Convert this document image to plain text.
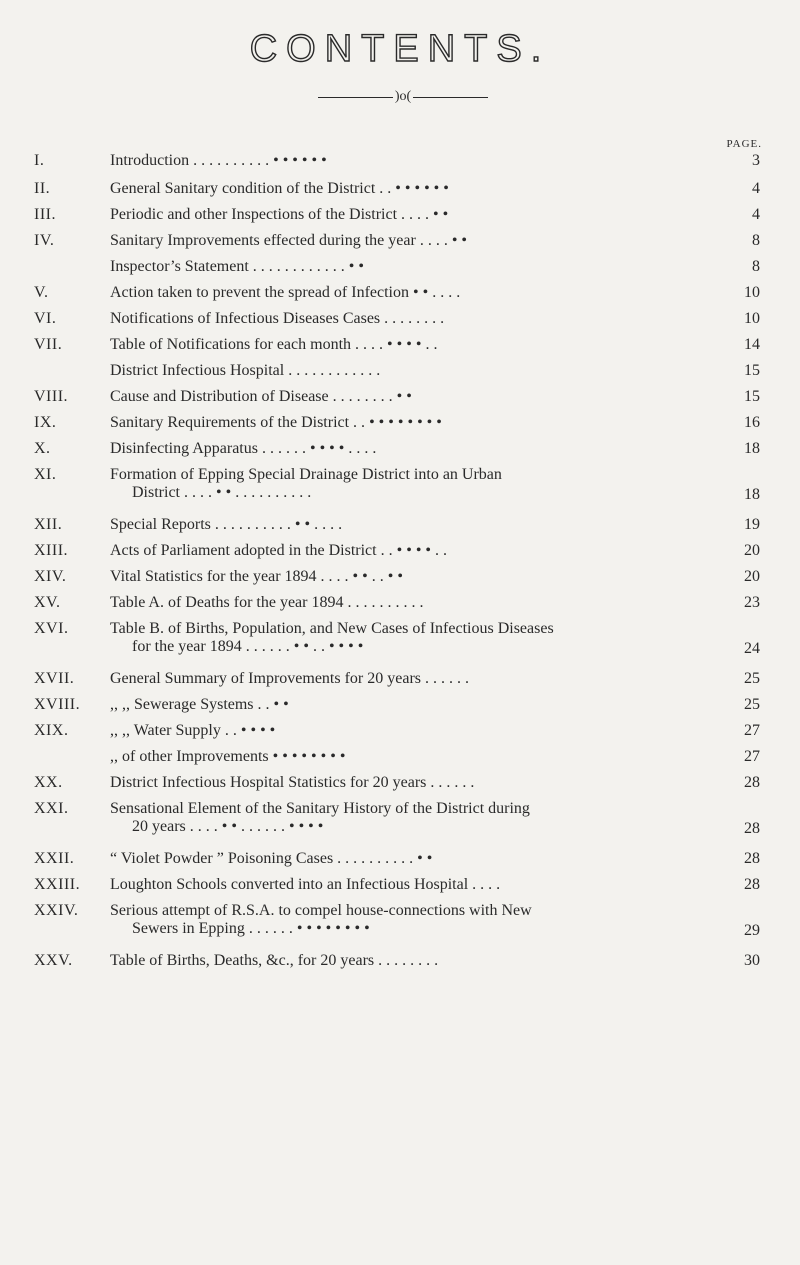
CONTENTS.
)o(
PAGE.
I.	Introduction . . . . . . . . . . • • • • • •	3
II.	General Sanitary condition of the District . . • • • • • •	4
III.	Periodic and other Inspections of the District . . . . • •	4
IV.	Sanitary Improvements effected during the year . . . . • •	8
Inspector’s Statement . . . . . . . . . . . . • •	8
V.	Action taken to prevent the spread of Infection • • . . . .	10
VI.	Notifications of Infectious Diseases Cases . . . . . . . .	10
VII.	Table of Notifications for each month . . . . • • • • . .	14
District Infectious Hospital . . . . . . . . . . . .	15
VIII.	Cause and Distribution of Disease . . . . . . . . • •	15
IX.	Sanitary Requirements of the District . . • • • • • • • •	16
X.	Disinfecting Apparatus . . . . . . • • • • . . . .	18
XI.	Formation of Epping Special Drainage District into an Urban
District . . . . • • . . . . . . . . . .	18
XII.	Special Reports . . . . . . . . . . • • . . . .	19
XIII.	Acts of Parliament adopted in the District . . • • • • . .	20
XIV.	Vital Statistics for the year 1894 . . . . • • . . • •	20
XV.	Table A. of Deaths for the year 1894 . . . . . . . . . .	23
XVI.	Table B. of Births, Population, and New Cases of Infectious Diseases
for the year 1894 . . . . . . • • . . • • • •	24
XVII.	General Summary of Improvements for 20 years . . . . . .	25
XVIII.	,, ,, Sewerage Systems . . • •	25
XIX.	,, ,, Water Supply . . • • • •	27
,, of other Improvements • • • • • • • •	27
XX.	District Infectious Hospital Statistics for 20 years . . . . . .	28
XXI.	Sensational Element of the Sanitary History of the District during
20 years . . . . • • . . . . . . • • • •	28
XXII.	“ Violet Powder ” Poisoning Cases . . . . . . . . . . • •	28
XXIII.	Loughton Schools converted into an Infectious Hospital . . . .	28
XXIV.	Serious attempt of R.S.A. to compel house-connections with New
Sewers in Epping . . . . . . • • • • • • • •	29
XXV.	Table of Births, Deaths, &c., for 20 years . . . . . . . .	30
